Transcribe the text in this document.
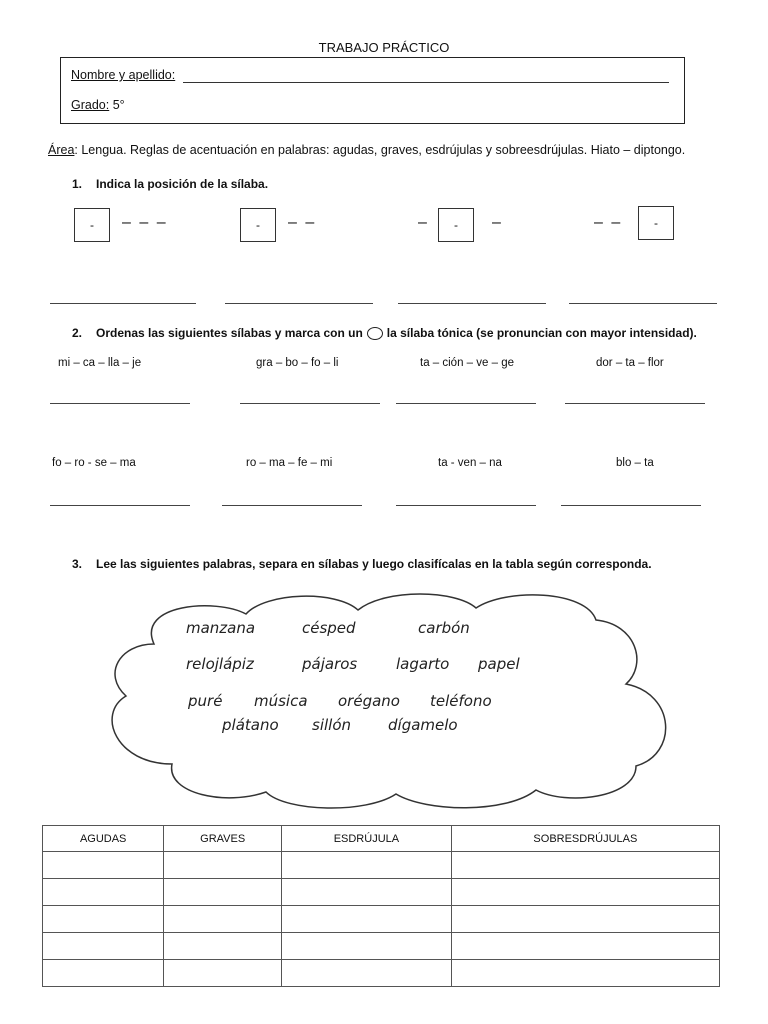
TRABAJO PRÁCTICO
Nombre y apellido:
Grado: 5°
Área: Lengua. Reglas de acentuación en palabras: agudas, graves, esdrújulas y sobreesdrújulas. Hiato – diptongo.
1. Indica la posición de la sílaba.
- – – –	- – –	– - –	– –	-
2. Ordenas las siguientes sílabas y marca con un la sílaba tónica (se pronuncian con mayor intensidad).
mi – ca – lla – je	gra – bo – fo – li	ta – ción – ve – ge	dor – ta – flor
fo – ro - se – ma	ro – ma – fe – mi	ta - ven – na	blo – ta
3. Lee las siguientes palabras, separa en sílabas y luego clasifícalas en la tabla según corresponda.
manzana	césped	carbón
relojlápiz	pájaros	lagarto papel
puré música orégano teléfono
plátano sillón dígamelo
AGUDAS	GRAVES	ESDRÚJULA	SOBRESDRÚJULAS
